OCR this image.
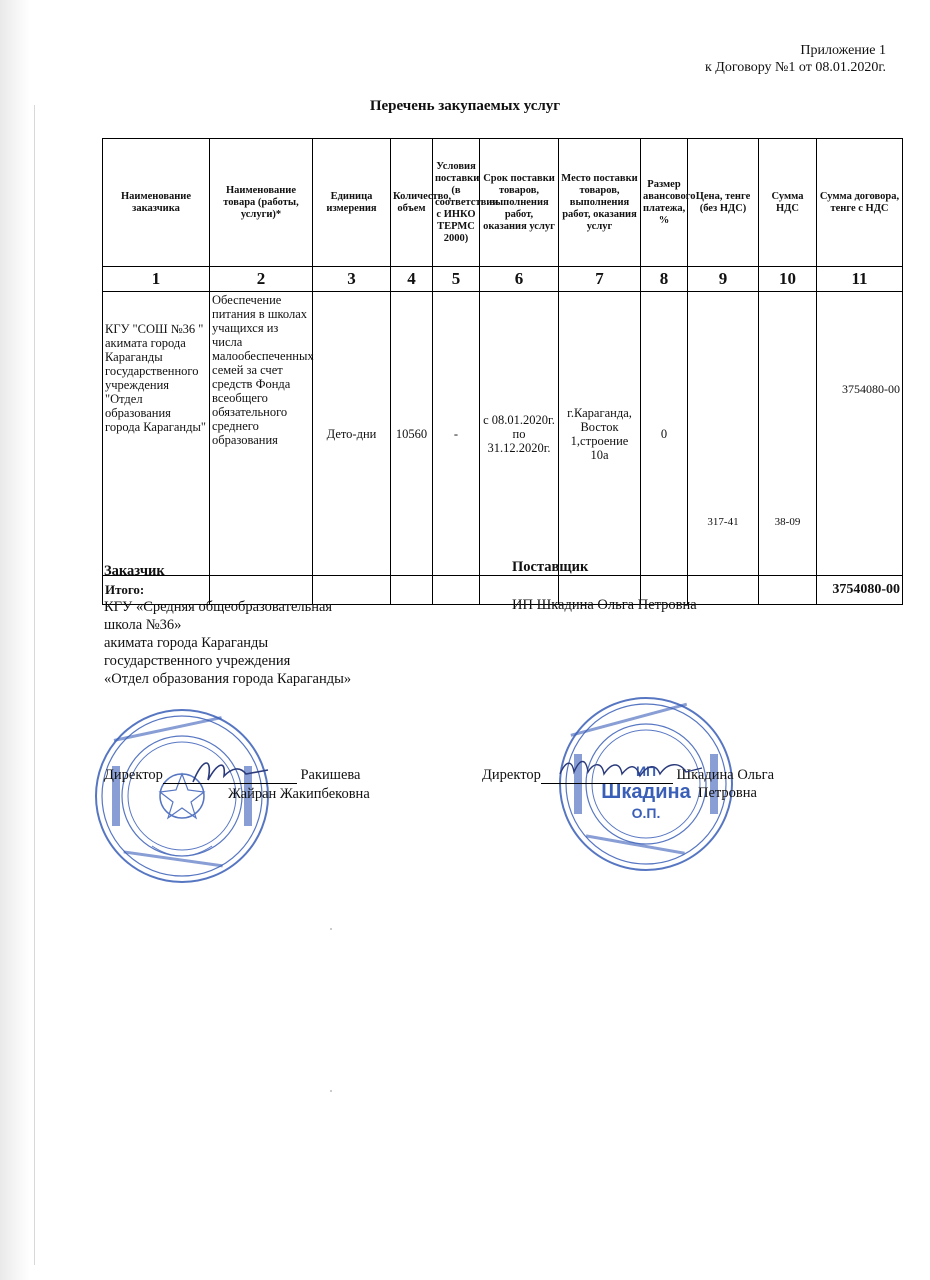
Приложение 1
к Договору №1 от 08.01.2020г.
Перечень закупаемых услуг
Наименование заказчика	Наименование товара (работы, услуги)*	Единица измерения	Количество, объем	Условия поставки (в соответствии с ИНКО ТЕРМС 2000)	Срок поставки товаров, выполнения работ, оказания услуг	Место поставки товаров, выполнения работ, оказания услуг	Размер авансового платежа, %	Цена, тенге (без НДС)	Сумма НДС	Сумма договора, тенге с НДС
1	2	3	4	5	6	7	8	9	10	11
КГУ "СОШ №36 " акимата города Караганды государственного учреждения "Отдел образования города Караганды"	Обеспечение питания в школах учащихся из числа малообеспеченных семей за счет средств Фонда всеобщего обязательного среднего образования	Дето-дни	10560	-	с 08.01.2020г. по 31.12.2020г.	г.Караганда, Восток 1,строение 10а	0	317-41	38-09	3754080-00
Итого:										3754080-00
Заказчик
КГУ «Средняя общеобразовательная
школа №36»
акимата города Караганды
государственного учреждения
«Отдел образования города Караганды»
Поставщик
ИП Шкадина Ольга Петровна
Директор	Ракишева
Жайран Жакипбековна
ИП
Шкадина
О.П.
Директор	Шкадина Ольга
Петровна
